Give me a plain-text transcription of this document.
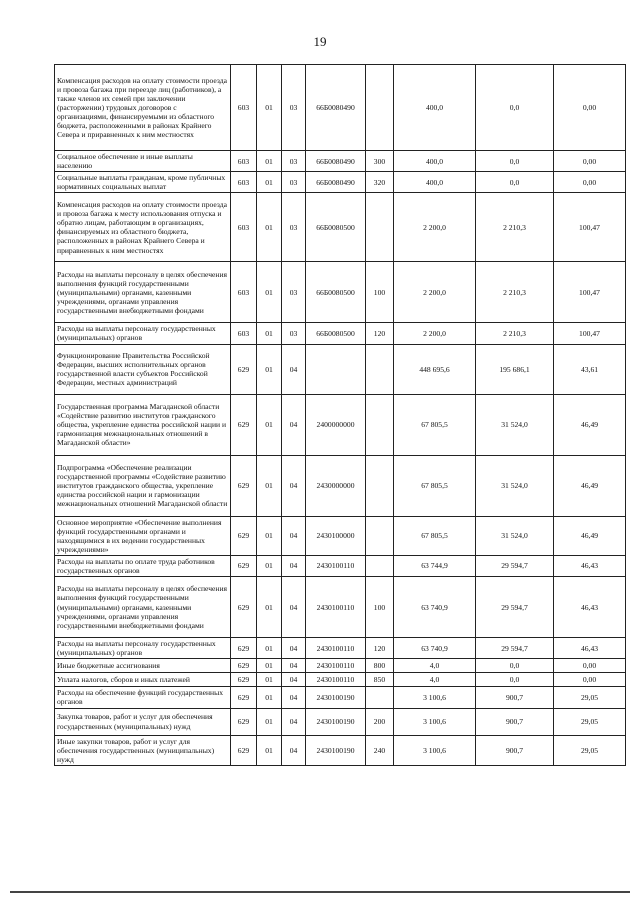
19
Компенсация расходов на оплату стоимости проезда и провоза багажа при переезде лиц (работников), а также членов их семей при заключении (расторжении) трудовых договоров с организациями, финансируемыми из областного бюджета, расположенными в районах Крайнего Севера и приравненных к ним местностях	603	01	03	66Б0080490		400,0	0,0	0,00
Социальное обеспечение и иные выплаты населению	603	01	03	66Б0080490	300	400,0	0,0	0,00
Социальные выплаты гражданам, кроме публичных нормативных социальных выплат	603	01	03	66Б0080490	320	400,0	0,0	0,00
Компенсация расходов на оплату стоимости проезда и провоза багажа к месту использования отпуска и обратно лицам, работающим в организациях, финансируемых из областного бюджета, расположенных в районах Крайнего Севера и приравненных к ним местностях	603	01	03	66Б0080500		2 200,0	2 210,3	100,47
Расходы на выплаты персоналу в целях обеспечения выполнения функций государственными (муниципальными) органами, казенными учреждениями, органами управления государственными внебюджетными фондами	603	01	03	66Б0080500	100	2 200,0	2 210,3	100,47
Расходы на выплаты персоналу государственных (муниципальных) органов	603	01	03	66Б0080500	120	2 200,0	2 210,3	100,47
Функционирование Правительства Российской Федерации, высших исполнительных органов государственной власти субъектов Российской Федерации, местных администраций	629	01	04			448 695,6	195 686,1	43,61
Государственная программа Магаданской области «Содействие развитию институтов гражданского общества, укрепление единства российской нации и гармонизация межнациональных отношений в Магаданской области»	629	01	04	2400000000		67 805,5	31 524,0	46,49
Подпрограмма «Обеспечение реализации государственной программы «Содействие развитию институтов гражданского общества, укрепление единства российской нации и гармонизации межнациональных отношений Магаданской области	629	01	04	2430000000		67 805,5	31 524,0	46,49
Основное мероприятие «Обеспечение выполнения функций государственными органами и находящимися в их ведении государственных учреждениями»	629	01	04	2430100000		67 805,5	31 524,0	46,49
Расходы на выплаты по оплате труда работников государственных органов	629	01	04	2430100110		63 744,9	29 594,7	46,43
Расходы на выплаты персоналу в целях обеспечения выполнения функций государственными (муниципальными) органами, казенными учреждениями, органами управления государственными внебюджетными фондами	629	01	04	2430100110	100	63 740,9	29 594,7	46,43
Расходы на выплаты персоналу государственных (муниципальных) органов	629	01	04	2430100110	120	63 740,9	29 594,7	46,43
Иные бюджетные ассигнования	629	01	04	2430100110	800	4,0	0,0	0,00
Уплата налогов, сборов и иных платежей	629	01	04	2430100110	850	4,0	0,0	0,00
Расходы на обеспечение функций государственных органов	629	01	04	2430100190		3 100,6	900,7	29,05
Закупка товаров, работ и услуг для обеспечения государственных (муниципальных) нужд	629	01	04	2430100190	200	3 100,6	900,7	29,05
Иные закупки товаров, работ и услуг для обеспечения государственных (муниципальных) нужд	629	01	04	2430100190	240	3 100,6	900,7	29,05
